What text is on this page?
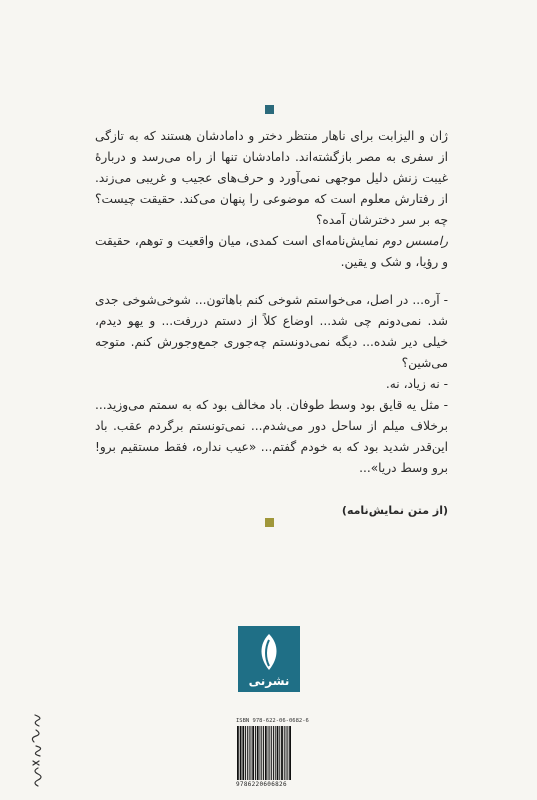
ژان و الیزابت برای ناهار منتظر دختر و دامادشان هستند که به تازگی از سفری به مصر بازگشته‌اند. دامادشان تنها از راه می‌رسد و دربارهٔ غیبت زنش دلیل موجهی نمی‌آورد و حرف‌های عجیب و غریبی می‌زند. از رفتارش معلوم است که موضوعی را پنهان می‌کند. حقیقت چیست؟ چه بر سر دخترشان آمده؟

رامسس دوم نمایش‌نامه‌ای است کمدی، میان واقعیت و توهم، حقیقت و رؤیا، و شک و یقین.

- آره... در اصل، می‌خواستم شوخی کنم باهاتون... شوخی‌شوخی جدی شد. نمی‌دونم چی شد... اوضاع کلاً از دستم دررفت... و یهو دیدم، خیلی دیر شده... دیگه نمی‌دونستم چه‌جوری جمع‌وجورش کنم. متوجه می‌شین؟

- نه زیاد، نه.

- مثل یه قایق بود وسط طوفان. باد مخالف بود که به سمتم می‌وزید... برخلاف میلم از ساحل دور می‌شدم... نمی‌تونستم برگردم عقب. باد این‌قدر شدید بود که به خودم گفتم... «عیب نداره، فقط مستقیم برو! برو وسط دریا»...

(از متن نمایش‌نامه)

نشرنی
ISBN 978-622-06-0682-6
9786220606826
